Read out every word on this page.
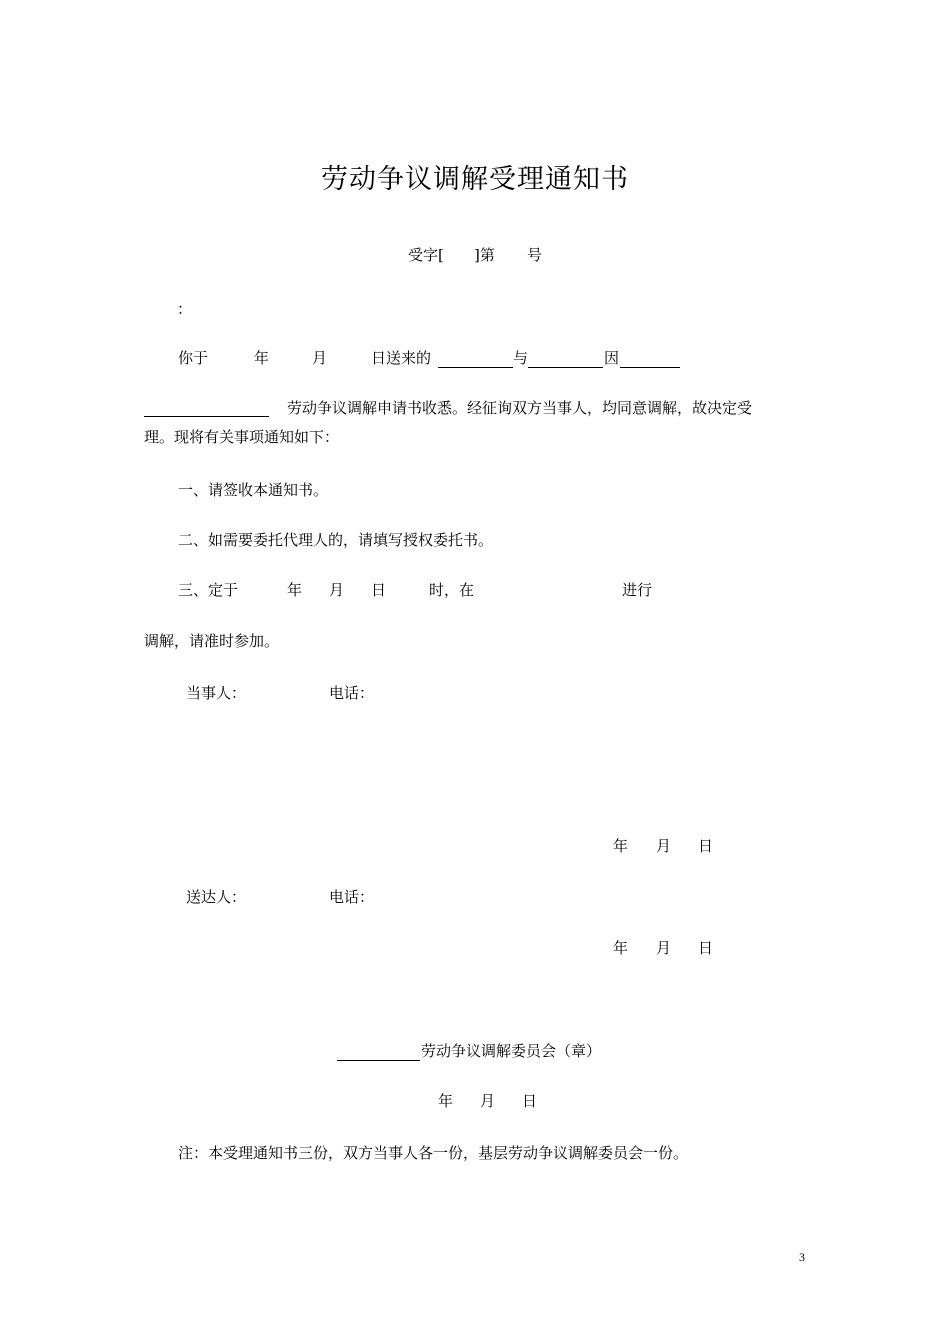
劳动争议调解受理通知书
受字[ ]第 号
：
你于	年	月	日送来的	与	因
劳动争议调解申请书收悉。经征询双方当事人，均同意调解，故决定受
理。现将有关事项通知如下：
一、请签收本通知书。
二、如需要委托代理人的，请填写授权委托书。
三、定于	年 月 日	时，在	进行
调解，请准时参加。
当事人：	电话：
年 月 日
送达人：	电话：
年 月 日
劳动争议调解委员会（章）
年 月 日
注：本受理通知书三份，双方当事人各一份，基层劳动争议调解委员会一份。
3
